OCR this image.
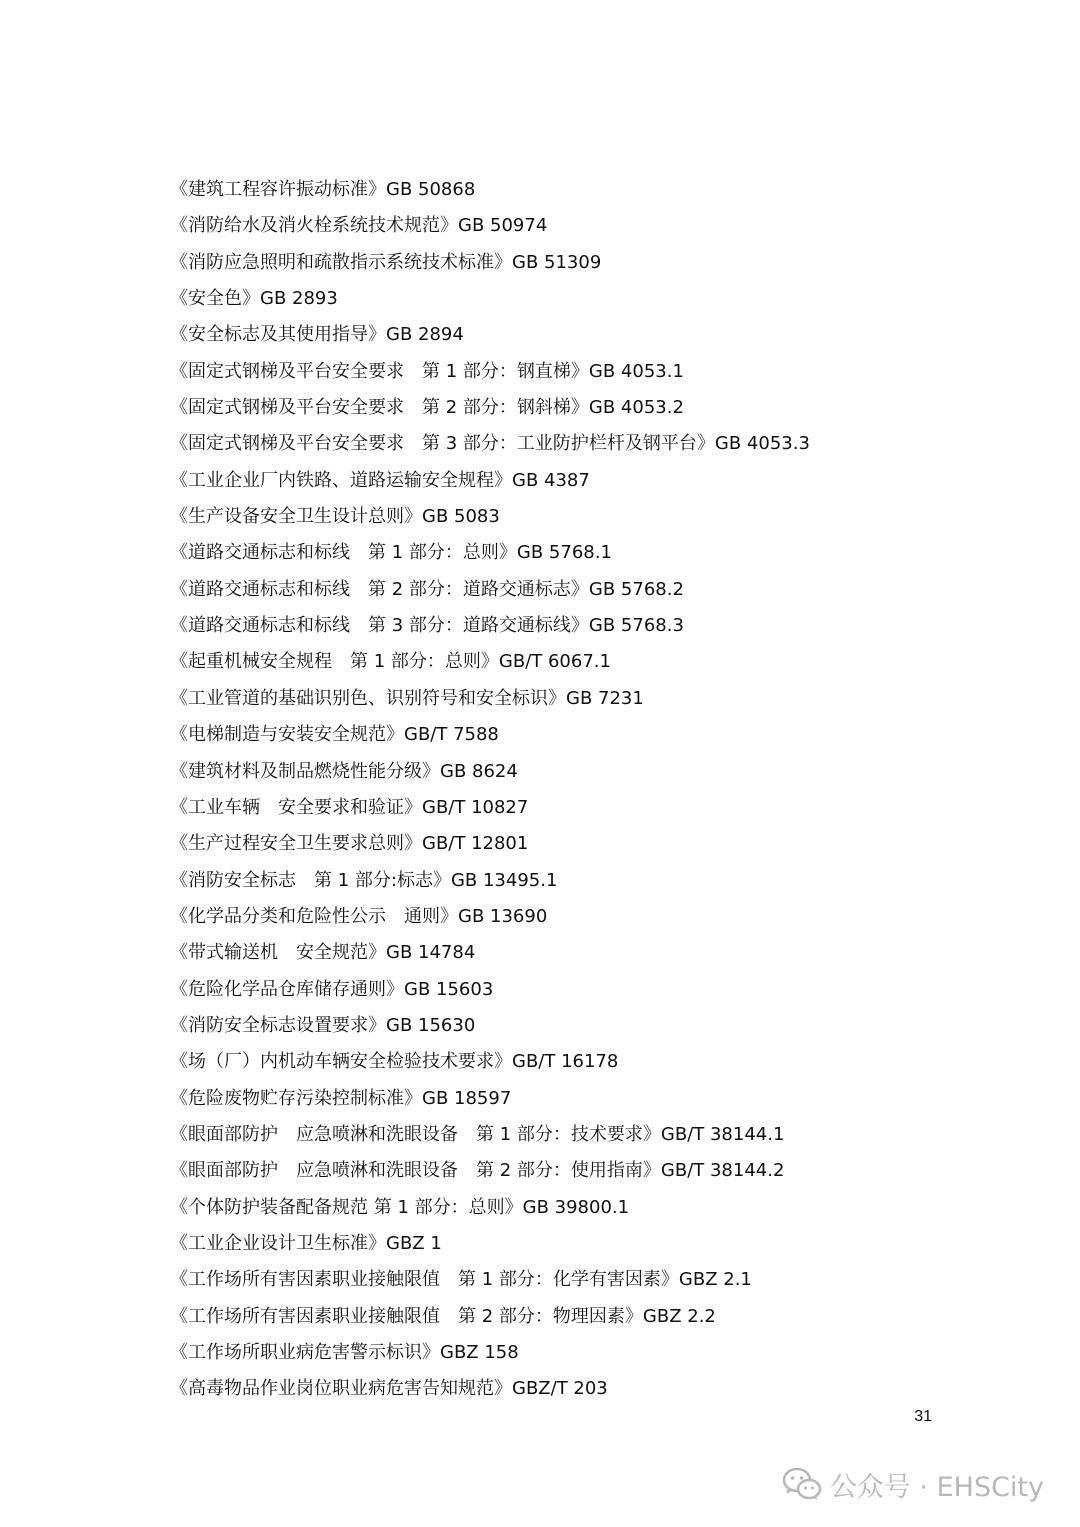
《建筑工程容许振动标准》GB 50868
《消防给水及消火栓系统技术规范》GB 50974
《消防应急照明和疏散指示系统技术标准》GB 51309
《安全色》GB 2893
《安全标志及其使用指导》GB 2894
《固定式钢梯及平台安全要求　第 1 部分：钢直梯》GB 4053.1
《固定式钢梯及平台安全要求　第 2 部分：钢斜梯》GB 4053.2
《固定式钢梯及平台安全要求　第 3 部分：工业防护栏杆及钢平台》GB 4053.3
《工业企业厂内铁路、道路运输安全规程》GB 4387
《生产设备安全卫生设计总则》GB 5083
《道路交通标志和标线　第 1 部分：总则》GB 5768.1
《道路交通标志和标线　第 2 部分：道路交通标志》GB 5768.2
《道路交通标志和标线　第 3 部分：道路交通标线》GB 5768.3
《起重机械安全规程　第 1 部分：总则》GB/T 6067.1
《工业管道的基础识别色、识别符号和安全标识》GB 7231
《电梯制造与安装安全规范》GB/T 7588
《建筑材料及制品燃烧性能分级》GB 8624
《工业车辆　安全要求和验证》GB/T 10827
《生产过程安全卫生要求总则》GB/T 12801
《消防安全标志　第 1 部分:标志》GB 13495.1
《化学品分类和危险性公示　通则》GB 13690
《带式输送机　安全规范》GB 14784
《危险化学品仓库储存通则》GB 15603
《消防安全标志设置要求》GB 15630
《场（厂）内机动车辆安全检验技术要求》GB/T 16178
《危险废物贮存污染控制标准》GB 18597
《眼面部防护　应急喷淋和洗眼设备　第 1 部分：技术要求》GB/T 38144.1
《眼面部防护　应急喷淋和洗眼设备　第 2 部分：使用指南》GB/T 38144.2
《个体防护装备配备规范 第 1 部分：总则》GB 39800.1
《工业企业设计卫生标准》GBZ 1
《工作场所有害因素职业接触限值　第 1 部分：化学有害因素》GBZ 2.1
《工作场所有害因素职业接触限值　第 2 部分：物理因素》GBZ 2.2
《工作场所职业病危害警示标识》GBZ 158
《高毒物品作业岗位职业病危害告知规范》GBZ/T 203
31
公众号 · EHSCity
